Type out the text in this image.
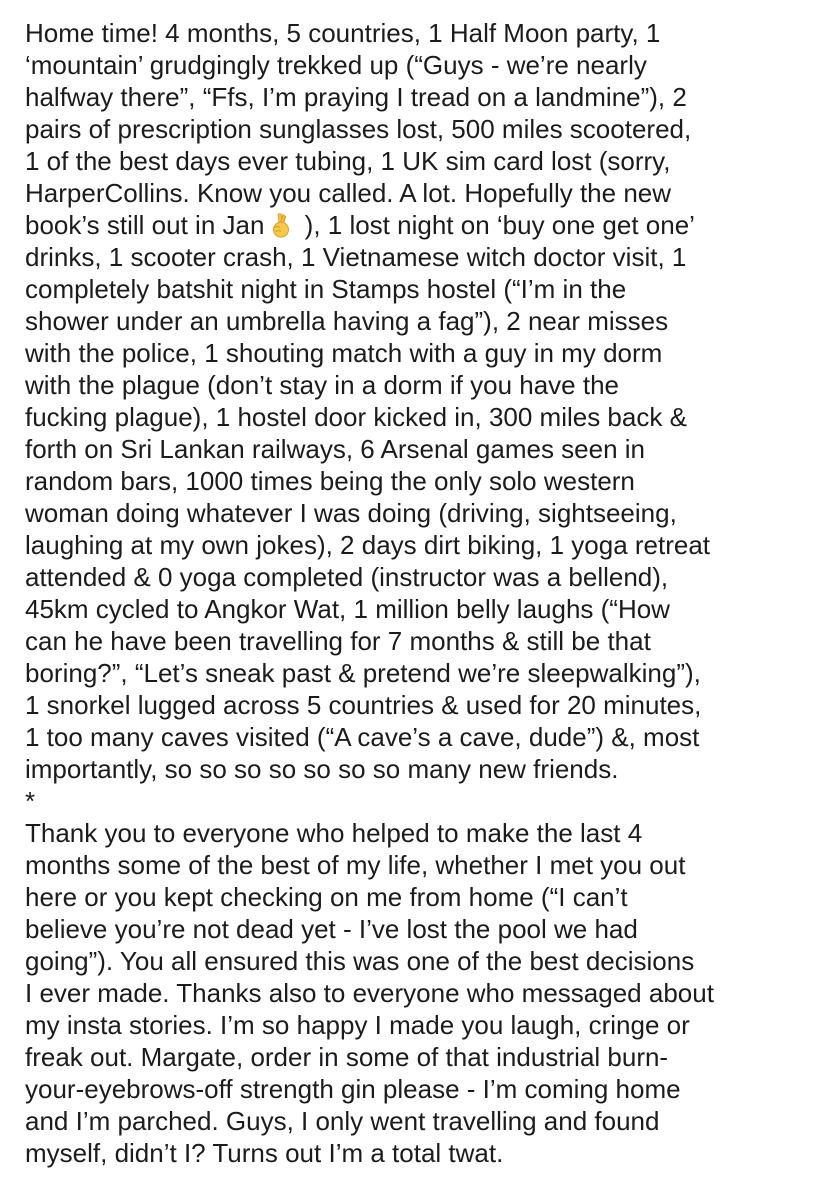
Home time! 4 months, 5 countries, 1 Half Moon party, 1
‘mountain’ grudgingly trekked up (“Guys - we’re nearly
halfway there”, “Ffs, I’m praying I tread on a landmine”), 2
pairs of prescription sunglasses lost, 500 miles scootered,
1 of the best days ever tubing, 1 UK sim card lost (sorry,
HarperCollins. Know you called. A lot. Hopefully the new
book’s still out in Jan ), 1 lost night on ‘buy one get one’
drinks, 1 scooter crash, 1 Vietnamese witch doctor visit, 1
completely batshit night in Stamps hostel (“I’m in the
shower under an umbrella having a fag”), 2 near misses
with the police, 1 shouting match with a guy in my dorm
with the plague (don’t stay in a dorm if you have the
fucking plague), 1 hostel door kicked in, 300 miles back &
forth on Sri Lankan railways, 6 Arsenal games seen in
random bars, 1000 times being the only solo western
woman doing whatever I was doing (driving, sightseeing,
laughing at my own jokes), 2 days dirt biking, 1 yoga retreat
attended & 0 yoga completed (instructor was a bellend),
45km cycled to Angkor Wat, 1 million belly laughs (“How
can he have been travelling for 7 months & still be that
boring?”, “Let’s sneak past & pretend we’re sleepwalking”),
1 snorkel lugged across 5 countries & used for 20 minutes,
1 too many caves visited (“A cave’s a cave, dude”) &, most
importantly, so so so so so so so many new friends.
*
Thank you to everyone who helped to make the last 4
months some of the best of my life, whether I met you out
here or you kept checking on me from home (“I can’t
believe you’re not dead yet - I’ve lost the pool we had
going”). You all ensured this was one of the best decisions
I ever made. Thanks also to everyone who messaged about
my insta stories. I’m so happy I made you laugh, cringe or
freak out. Margate, order in some of that industrial burn-
your-eyebrows-off strength gin please - I’m coming home
and I’m parched. Guys, I only went travelling and found
myself, didn’t I? Turns out I’m a total twat.
